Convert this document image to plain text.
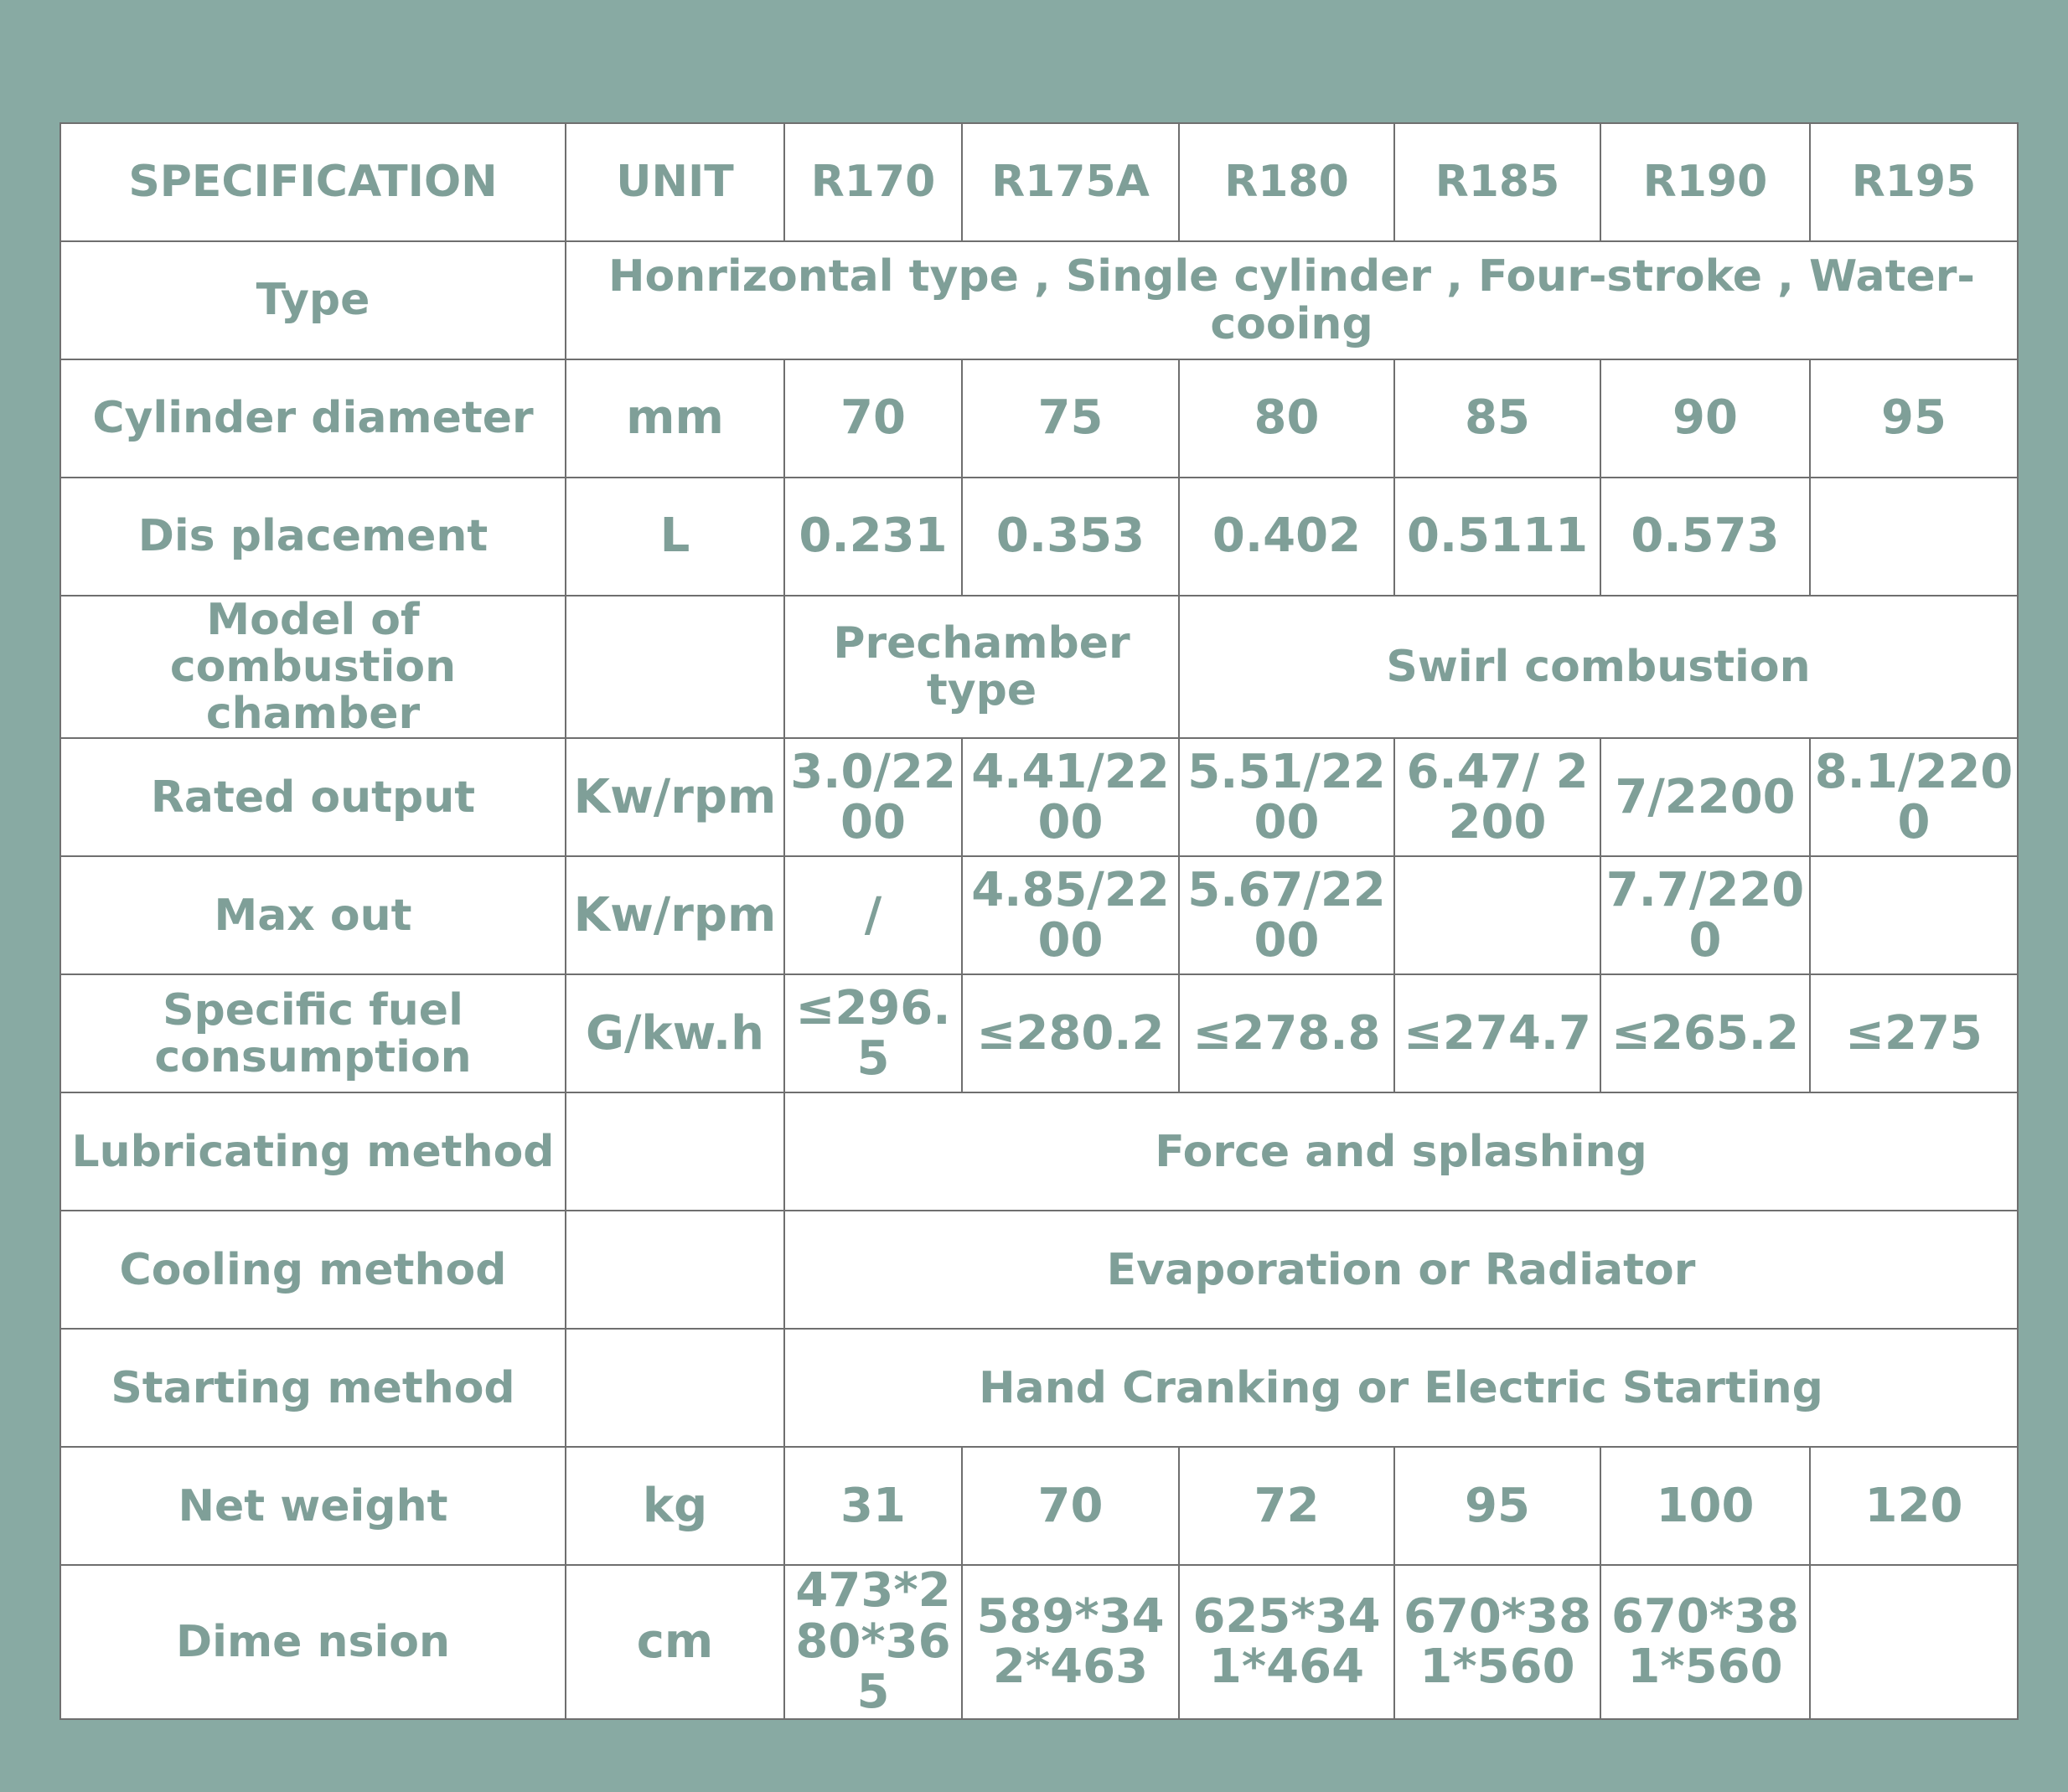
SPECIFICATION	UNIT	R170	R175A	R180	R185	R190	R195
Type	Honrizontal type , Single cylinder , Four-stroke , Water-cooing						
Cylinder diameter	mm	70	75	80	85	90	95
Dis placement	L	0.231	0.353	0.402	0.5111	0.573	
Model of combustion chamber		Prechamber type		Swirl combustion			
Rated output	Kw/rpm	3.0/2200	4.41/2200	5.51/2200	6.47/ 2200	7/2200	8.1/2200
Max out	Kw/rpm	/	4.85/2200	5.67/2200		7.7/2200	
Specific fuel consumption	G/kw.h	≤296.5	≤280.2	≤278.8	≤274.7	≤265.2	≤275
Lubricating method		Force and splashing					
Cooling method		Evaporation or Radiator					
Starting method		Hand Cranking or Electric Starting					
Net weight	kg	31	70	72	95	100	120
Dime nsion	cm	473*280*365	589*342*463	625*341*464	670*381*560	670*381*560	
